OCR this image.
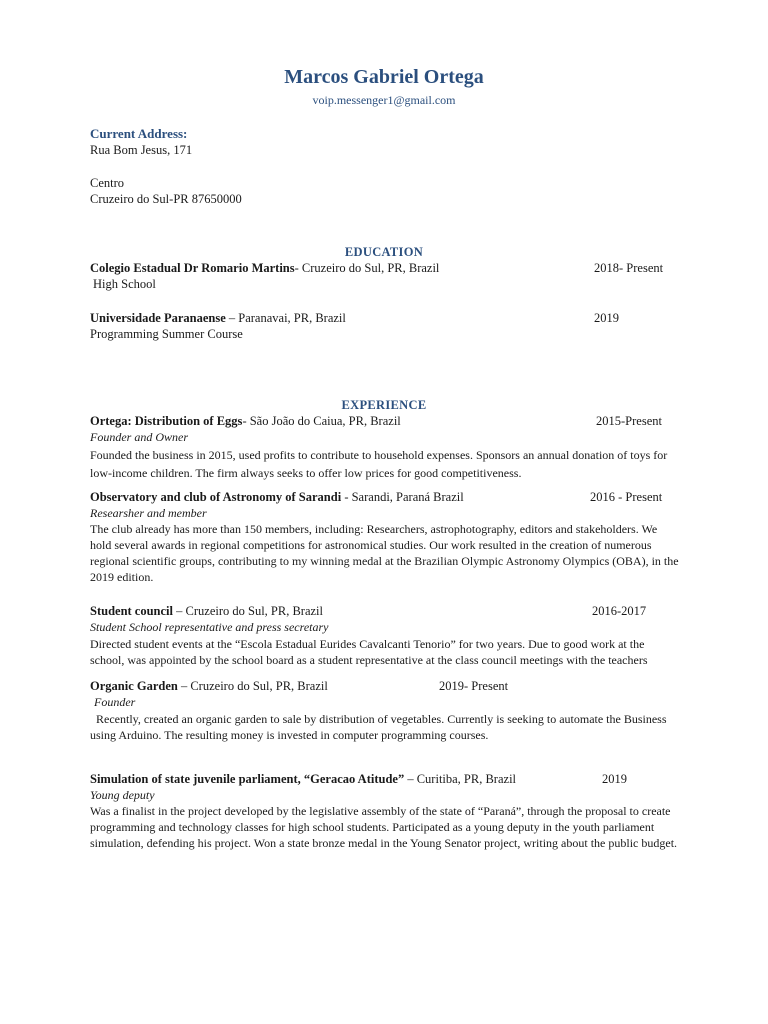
Marcos Gabriel Ortega
voip.messenger1@gmail.com
Current Address:
Rua Bom Jesus, 171
Centro
Cruzeiro do Sul-PR 87650000
EDUCATION
Colegio Estadual Dr Romario Martins- Cruzeiro do Sul, PR, Brazil	2018- Present
High School
Universidade Paranaense – Paranavai, PR, Brazil	2019
Programming Summer Course
EXPERIENCE
Ortega: Distribution of Eggs- São João do Caiua, PR, Brazil	2015-Present
Founder and Owner
Founded the business in 2015, used profits to contribute to household expenses. Sponsors an annual donation of toys for low-income children. The firm always seeks to offer low prices for good competitiveness.
Observatory and club of Astronomy of Sarandi - Sarandi, Paraná Brazil	2016 - Present
Researsher and member
The club already has more than 150 members, including: Researchers, astrophotography, editors and stakeholders. We hold several awards in regional competitions for astronomical studies. Our work resulted in the creation of numerous regional scientific groups, contributing to my winning medal at the Brazilian Olympic Astronomy Olympics (OBA), in the 2019 edition.
Student council – Cruzeiro do Sul, PR, Brazil	2016-2017
Student School representative and press secretary
Directed student events at the “Escola Estadual Eurides Cavalcanti Tenorio” for two years. Due to good work at the school, was appointed by the school board as a student representative at the class council meetings with the teachers
Organic Garden – Cruzeiro do Sul, PR, Brazil	2019- Present
Founder
Recently, created an organic garden to sale by distribution of vegetables. Currently is seeking to automate the Business using Arduino. The resulting money is invested in computer programming courses.
Simulation of state juvenile parliament, “Geracao Atitude” – Curitiba, PR, Brazil	2019
Young deputy
Was a finalist in the project developed by the legislative assembly of the state of “Paraná”, through the proposal to create programming and technology classes for high school students. Participated as a young deputy in the youth parliament simulation, defending his project. Won a state bronze medal in the Young Senator project, writing about the public budget.
